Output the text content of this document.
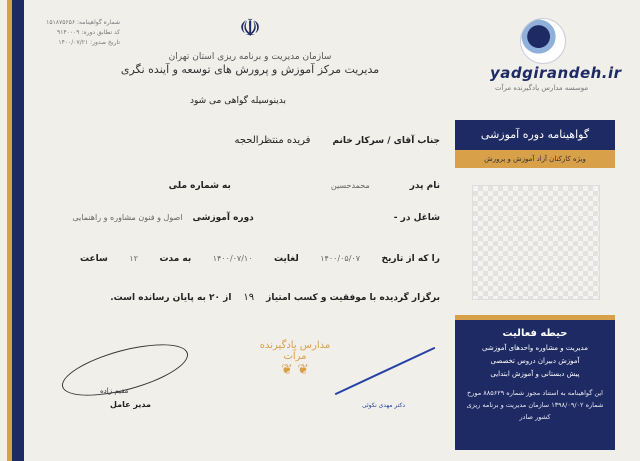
شماره گواهینامه: ۱۵۱۸۷۵۶۵۶
کد تطابق دوره: ۹۱۴۰۰۰۹
تاریخ صدور: ۱۴۰۰/۰۷/۲۱
☫
سازمان مدیریت و برنامه ریزی استان تهران
مدیریت مرکز آموزش و پرورش های توسعه و آینده نگری
بدینوسیله گواهی می شود
جناب آقای / سرکار خانم
فریده منتظرالحجه
نام پدر
محمدحسین
به شماره ملی
شاغل در -
دوره آموزشی
اصول و فنون مشاوره و راهنمایی
را که از تاریخ
۱۴۰۰/۰۵/۰۷
لغایت
۱۴۰۰/۰۷/۱۰
به مدت
۱۲
ساعت
برگزار گردیده با موفقیت و کسب امتیاز
۱۹
از ۲۰ به پایان رسانده است.
مدارس یادگیرنده
مرآت
❦ ❦
مقیم زاده
مدیر عامل	دکتر مهدی نکوئی
yadgirandeh.ir
موسسه مدارس یادگیرنده مرآت
گواهینامه دوره آموزشی
ویژه کارکنان آزاد آموزش و پرورش
حیطه فعالیت

مدیریت و مشاوره واحدهای آموزشی

آموزش دبیران دروس تخصصی

پیش دبستانی و آموزش ابتدایی

این گواهینامه به استناد مجوز شماره ۸۸۵۶۲۹ مورخ شماره ۱۳۹۸/۰۹/۰۲ سازمان مدیریت و برنامه ریزی کشور صادر
